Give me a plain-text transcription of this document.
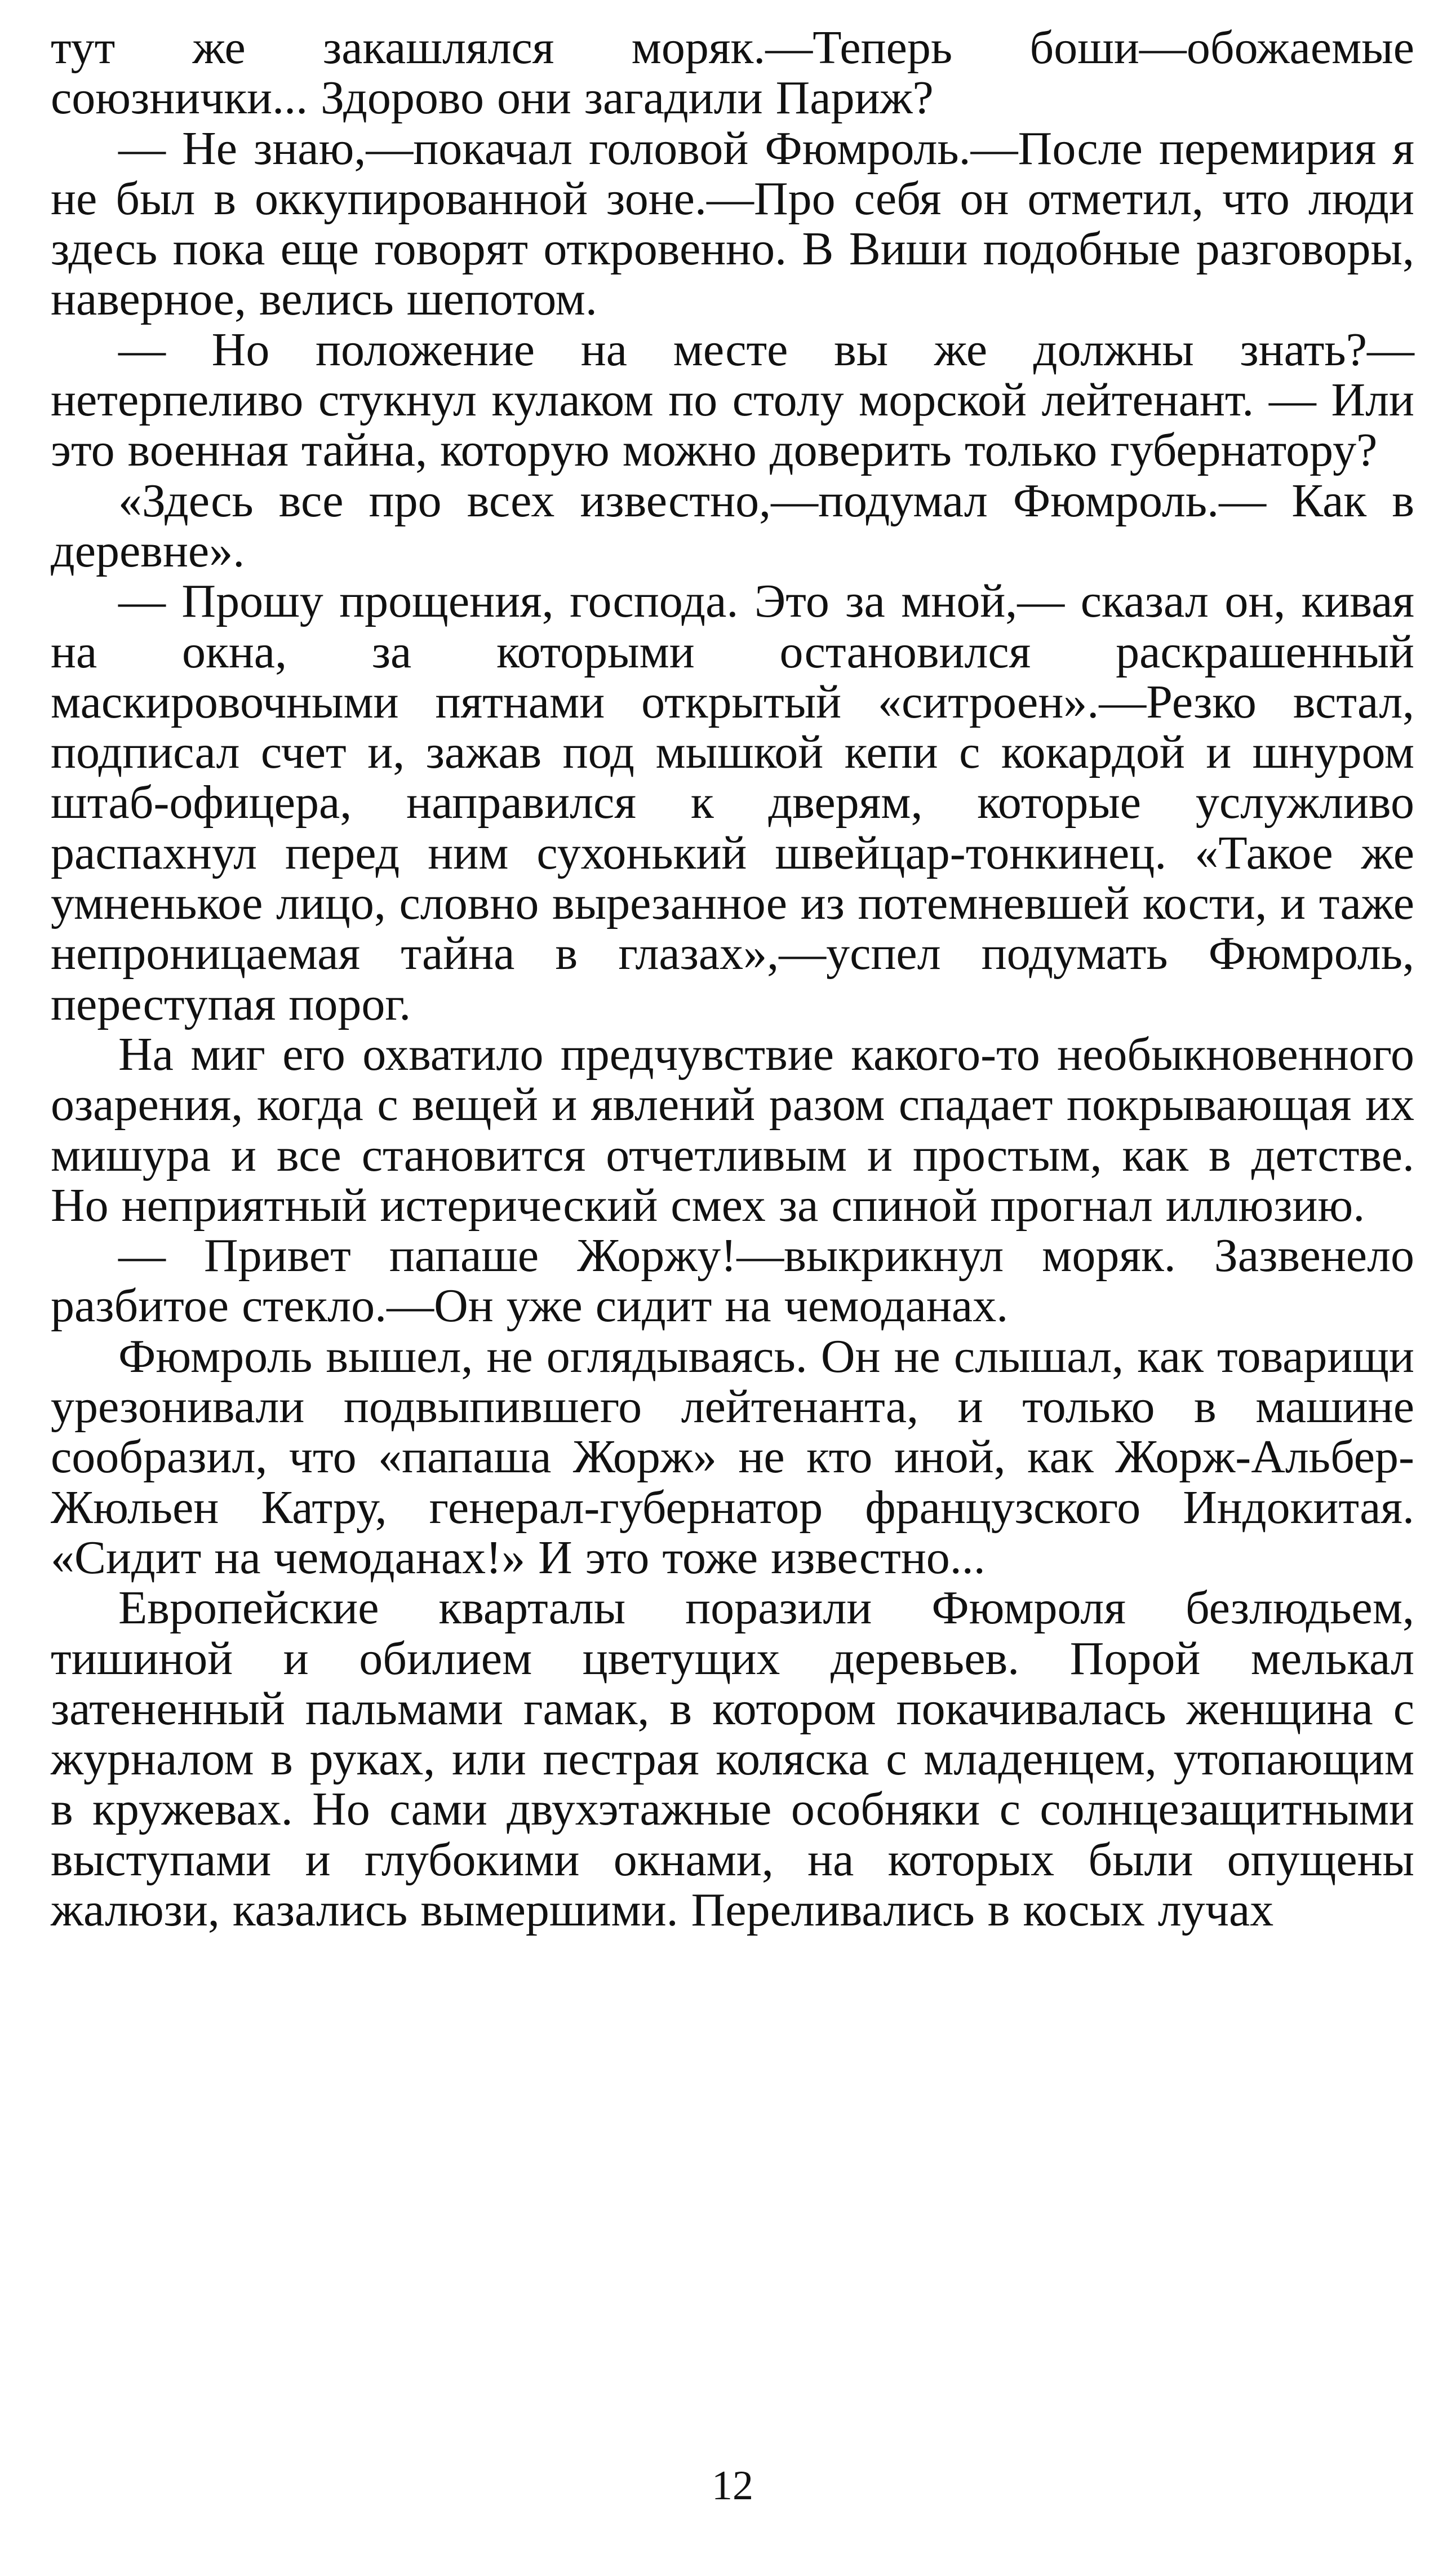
тут же закашлялся моряк.—Теперь боши—обожаемые союзнички... Здорово они загадили Париж?

— Не знаю,—покачал головой Фюмроль.—После перемирия я не был в оккупированной зоне.—Про себя он отметил, что люди здесь пока еще говорят откровенно. В Виши подобные разговоры, наверное, велись шепотом.

— Но положение на месте вы же должны знать?— нетерпеливо стукнул кулаком по столу морской лейтенант. — Или это военная тайна, которую можно доверить только губернатору?

«Здесь все про всех известно,—подумал Фюмроль.— Как в деревне».

— Прошу прощения, господа. Это за мной,— сказал он, кивая на окна, за которыми остановился раскрашенный маскировочными пятнами открытый «ситроен».—Резко встал, подписал счет и, зажав под мышкой кепи с кокардой и шнуром штаб-офицера, направился к дверям, которые услужливо распахнул перед ним сухонький швейцар-тонкинец. «Такое же умненькое лицо, словно вырезанное из потемневшей кости, и таже непроницаемая тайна в глазах»,—успел подумать Фюмроль, переступая порог.

На миг его охватило предчувствие какого-то необыкновенного озарения, когда с вещей и явлений разом спадает покрывающая их мишура и все становится отчетливым и простым, как в детстве. Но неприятный истерический смех за спиной прогнал иллюзию.

— Привет папаше Жоржу!—выкрикнул моряк. Зазвенело разбитое стекло.—Он уже сидит на чемоданах.

Фюмроль вышел, не оглядываясь. Он не слышал, как товарищи урезонивали подвыпившего лейтенанта, и только в машине сообразил, что «папаша Жорж» не кто иной, как Жорж-Альбер-Жюльен Катру, генерал-губернатор французского Индокитая. «Сидит на чемоданах!» И это тоже известно...

Европейские кварталы поразили Фюмроля безлюдьем, тишиной и обилием цветущих деревьев. Порой мелькал затененный пальмами гамак, в котором покачивалась женщина с журналом в руках, или пестрая коляска с младенцем, утопающим в кружевах. Но сами двухэтажные особняки с солнцезащитными выступами и глубокими окнами, на которых были опущены жалюзи, казались вымершими. Переливались в косых лучах

12
